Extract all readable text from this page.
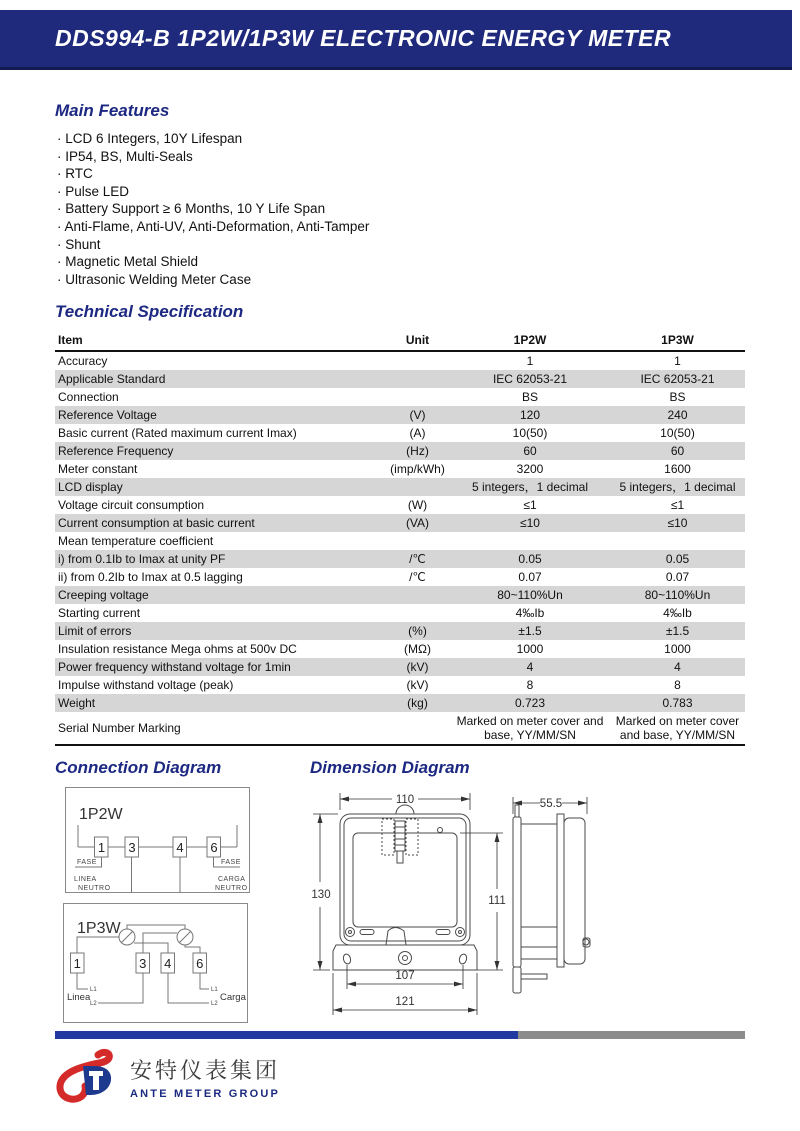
DDS994-B 1P2W/1P3W ELECTRONIC ENERGY METER
Main Features
· LCD 6 Integers, 10Y Lifespan
· IP54, BS, Multi-Seals
· RTC
· Pulse LED
· Battery Support ≥ 6 Months, 10 Y Life Span
· Anti-Flame, Anti-UV, Anti-Deformation, Anti-Tamper
· Shunt
· Magnetic Metal Shield
· Ultrasonic Welding Meter Case
Technical Specification
Item	Unit	1P2W	1P3W
Accuracy		1	1
Applicable Standard		IEC 62053-21	IEC 62053-21
Connection		BS	BS
Reference Voltage	(V)	120	240
Basic current (Rated maximum current Imax)	(A)	10(50)	10(50)
Reference Frequency	(Hz)	60	60
Meter constant	(imp/kWh)	3200	1600
LCD display		5 integers，1 decimal	5 integers，1 decimal
Voltage circuit consumption	(W)	≤1	≤1
Current consumption at basic current	(VA)	≤10	≤10
Mean temperature coefficient			
i) from 0.1Ib to Imax at unity PF	/℃	0.05	0.05
ii) from 0.2Ib to Imax at 0.5 lagging	/℃	0.07	0.07
Creeping voltage		80~110%Un	80~110%Un
Starting current		4‰Ib	4‰Ib
Limit of errors	(%)	±1.5	±1.5
Insulation resistance Mega ohms at 500v DC	(MΩ)	1000	1000
Power frequency withstand voltage for 1min	(kV)	4	4
Impulse withstand voltage (peak)	(kV)	8	8
Weight	(kg)	0.723	0.783
Serial Number Marking		Marked on meter cover and base, YY/MM/SN	Marked on meter cover and base, YY/MM/SN
Connection Diagram	Dimension Diagram
1P2W
1 3	4 6
FASE
LINEA
NEUTRO
FASE
CARGA
NEUTRO
1P3W
1	3 4 6
L1
L2
L1
L2
Linea	Carga
110
130	111
107
121
55.5
安特仪表集团
ANTE METER GROUP
